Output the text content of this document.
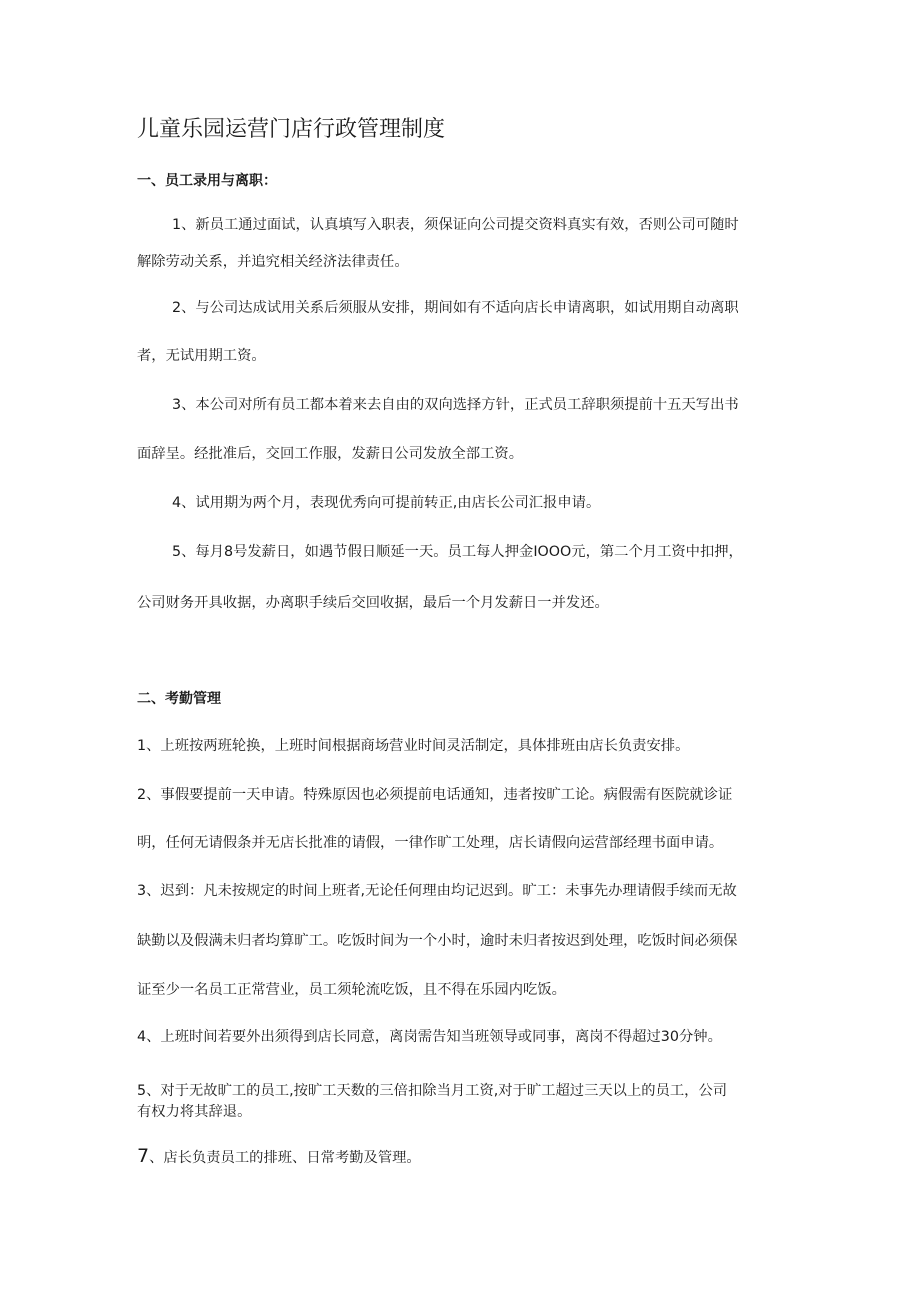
儿童乐园运营门店行政管理制度
一、员工录用与离职：
1、新员工通过面试，认真填写入职表，须保证向公司提交资料真实有效，否则公司可随时
解除劳动关系，并追究相关经济法律责任。
2、与公司达成试用关系后须服从安排，期间如有不适向店长申请离职，如试用期自动离职
者，无试用期工资。
3、本公司对所有员工都本着来去自由的双向选择方针，正式员工辞职须提前十五天写出书
面辞呈。经批准后，交回工作服，发薪日公司发放全部工资。
4、试用期为两个月，表现优秀向可提前转正,由店长公司汇报申请。
5、每月8号发薪日，如遇节假日顺延一天。员工每人押金IOOO元，第二个月工资中扣押，
公司财务开具收据，办离职手续后交回收据，最后一个月发薪日一并发还。
二、考勤管理
1、上班按两班轮换，上班时间根据商场营业时间灵活制定，具体排班由店长负责安排。
2、事假要提前一天申请。特殊原因也必须提前电话通知，违者按旷工论。病假需有医院就诊证
明，任何无请假条并无店长批准的请假，一律作旷工处理，店长请假向运营部经理书面申请。
3、迟到：凡未按规定的时间上班者,无论任何理由均记迟到。旷工：未事先办理请假手续而无故
缺勤以及假满未归者均算旷工。吃饭时间为一个小时，逾时未归者按迟到处理，吃饭时间必须保
证至少一名员工正常营业，员工须轮流吃饭，且不得在乐园内吃饭。
4、上班时间若要外出须得到店长同意，离岗需告知当班领导或同事，离岗不得超过30分钟。
5、对于无故旷工的员工,按旷工天数的三倍扣除当月工资,对于旷工超过三天以上的员工，公司
有权力将其辞退。
7、店长负责员工的排班、日常考勤及管理。
